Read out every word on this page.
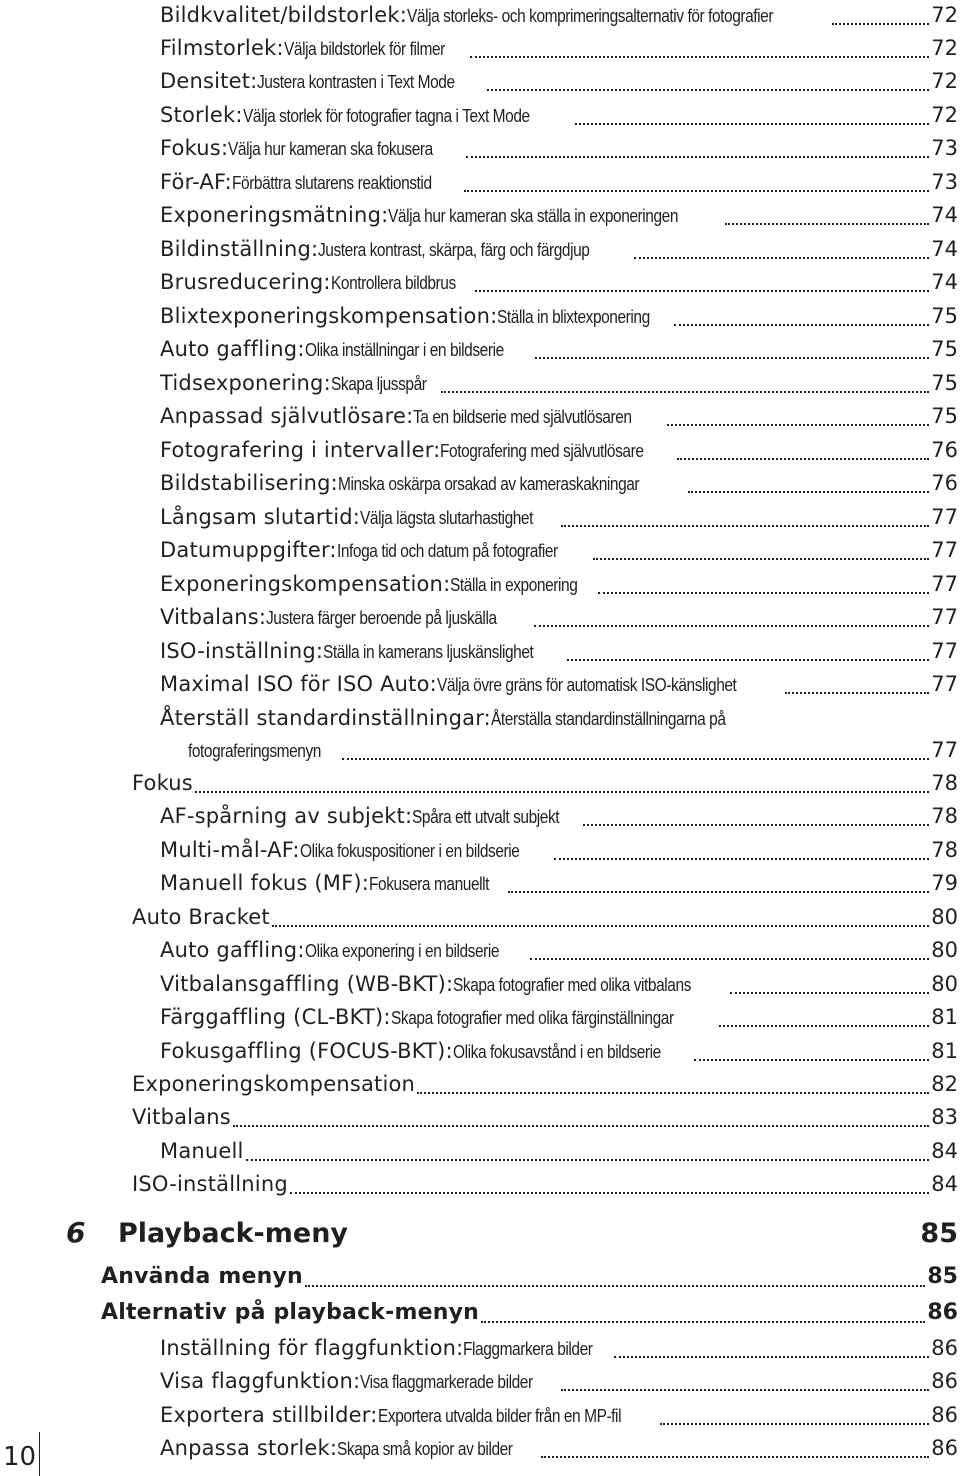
Bildkvalitet/bildstorlek: Välja storleks- och komprimeringsalternativ för fotografier	72
Filmstorlek: Välja bildstorlek för filmer	72
Densitet: Justera kontrasten i Text Mode	72
Storlek: Välja storlek för fotografier tagna i Text Mode	72
Fokus: Välja hur kameran ska fokusera	73
För-AF: Förbättra slutarens reaktionstid	73
Exponeringsmätning: Välja hur kameran ska ställa in exponeringen	74
Bildinställning: Justera kontrast, skärpa, färg och färgdjup	74
Brusreducering: Kontrollera bildbrus	74
Blixtexponeringskompensation: Ställa in blixtexponering	75
Auto gaffling: Olika inställningar i en bildserie	75
Tidsexponering: Skapa ljusspår	75
Anpassad självutlösare: Ta en bildserie med självutlösaren	75
Fotografering i intervaller: Fotografering med självutlösare	76
Bildstabilisering: Minska oskärpa orsakad av kameraskakningar	76
Långsam slutartid: Välja lägsta slutarhastighet	77
Datumuppgifter: Infoga tid och datum på fotografier	77
Exponeringskompensation: Ställa in exponering	77
Vitbalans: Justera färger beroende på ljuskälla	77
ISO-inställning: Ställa in kamerans ljuskänslighet	77
Maximal ISO för ISO Auto: Välja övre gräns för automatisk ISO-känslighet	77
Återställ standardinställningar: Återställa standardinställningarna på
fotograferingsmenyn	77
Fokus	78
AF-spårning av subjekt: Spåra ett utvalt subjekt	78
Multi-mål-AF: Olika fokuspositioner i en bildserie	78
Manuell fokus (MF): Fokusera manuellt	79
Auto Bracket	80
Auto gaffling: Olika exponering i en bildserie	80
Vitbalansgaffling (WB-BKT): Skapa fotografier med olika vitbalans	80
Färggaffling (CL-BKT): Skapa fotografier med olika färginställningar	81
Fokusgaffling (FOCUS-BKT): Olika fokusavstånd i en bildserie	81
Exponeringskompensation	82
Vitbalans	83
Manuell	84
ISO-inställning	84
6	Playback-meny	85
Använda menyn	85
Alternativ på playback-menyn	86
Inställning för flaggfunktion: Flaggmarkera bilder	86
Visa flaggfunktion: Visa flaggmarkerade bilder	86
Exportera stillbilder: Exportera utvalda bilder från en MP-fil	86
Anpassa storlek: Skapa små kopior av bilder	86
10
